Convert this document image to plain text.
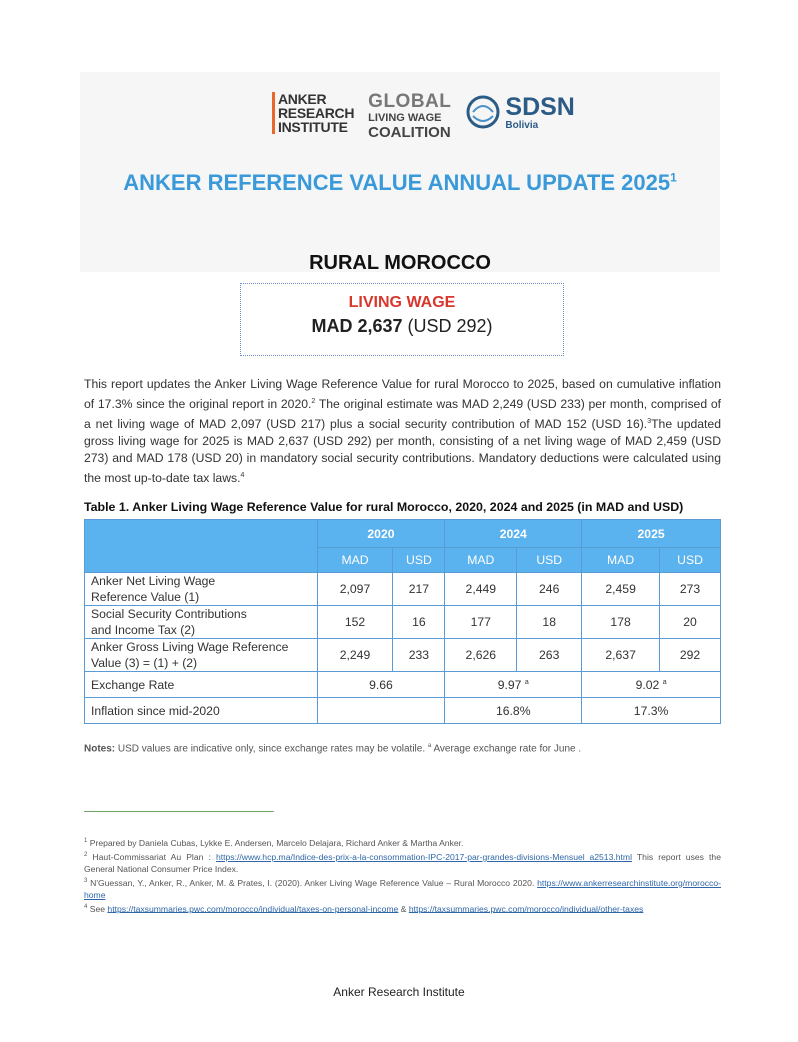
ANKER
RESEARCH
INSTITUTE
GLOBAL
LIVING WAGE
COALITION
SDSN
Bolivia
ANKER REFERENCE VALUE ANNUAL UPDATE 2025$^1$
RURAL MOROCCO
LIVING WAGE
MAD 2,637 (USD 292)
This report updates the Anker Living Wage Reference Value for rural Morocco to 2025, based on cumulative inflation of 17.3% since the original report in 2020.$^2$ The original estimate was MAD 2,249 (USD 233) per month, comprised of a net living wage of MAD 2,097 (USD 217) plus a social security contribution of MAD 152 (USD 16).$^3$The updated gross living wage for 2025 is MAD 2,637 (USD 292) per month, consisting of a net living wage of MAD 2,459 (USD 273) and MAD 178 (USD 20) in mandatory social security contributions. Mandatory deductions were calculated using the most up-to-date tax laws.$^4$
Table 1. Anker Living Wage Reference Value for rural Morocco, 2020, 2024 and 2025 (in MAD and USD)
	2020		2024		2025	
	MAD	USD	MAD	USD	MAD	USD
Anker Net Living Wage
Reference Value (1)	2,097	217	2,449	246	2,459	273
Social Security Contributions
and Income Tax (2)	152	16	177	18	178	20
Anker Gross Living Wage Reference
Value (3) = (1) + (2)	2,249	233	2,626	263	2,637	292
Exchange Rate	9.66		9.97 $^a$		9.02 $^a$
Inflation since mid-2020			16.8%		17.3%	
Notes: USD values are indicative only, since exchange rates may be volatile. $^a$ Average exchange rate for June .
$^1$ Prepared by Daniela Cubas, Lykke E. Andersen, Marcelo Delajara, Richard Anker & Martha Anker.
$^2$ Haut-Commissariat Au Plan : https://www.hcp.ma/Indice-des-prix-a-la-consommation-IPC-2017-par-grandes-divisions-Mensuel_a2513.html This report uses the General National Consumer Price Index.
$^3$ N'Guessan, Y., Anker, R., Anker, M. & Prates, I. (2020). Anker Living Wage Reference Value – Rural Morocco 2020. https://www.ankerresearchinstitute.org/morocco-home
$^4$ See https://taxsummaries.pwc.com/morocco/individual/taxes-on-personal-income & https://taxsummaries.pwc.com/morocco/individual/other-taxes
Anker Research Institute
